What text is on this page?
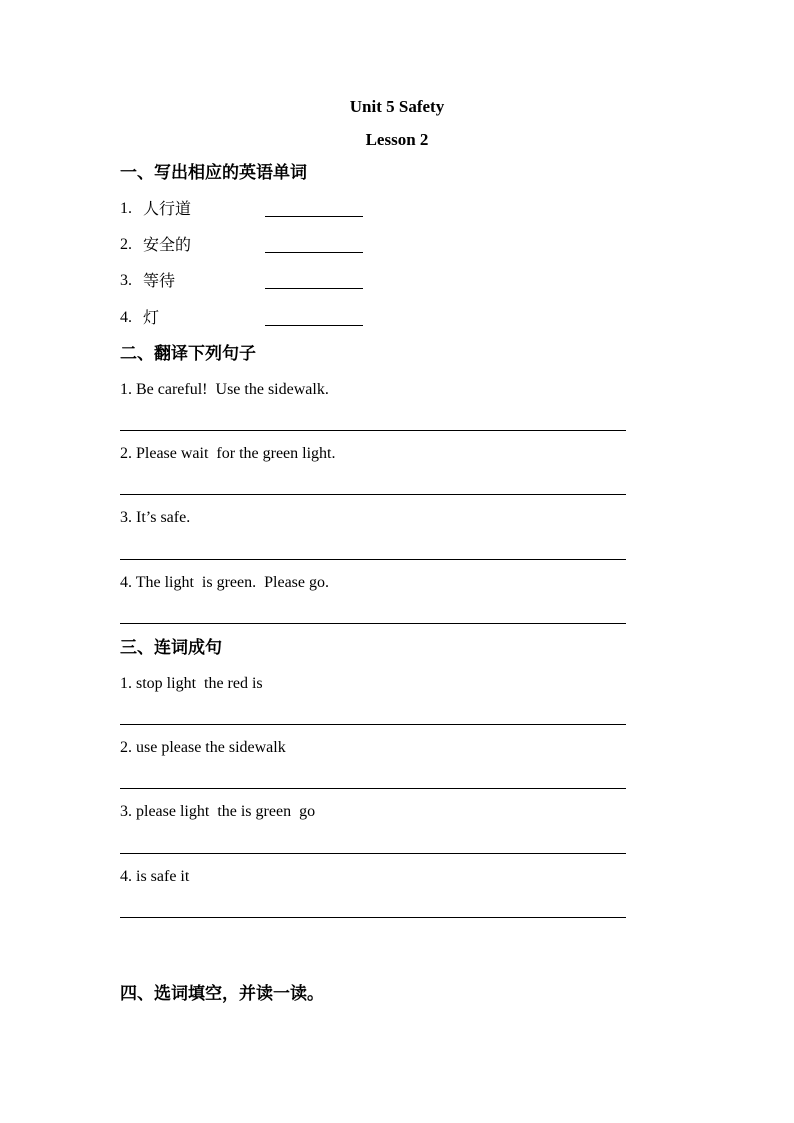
Unit 5 Safety
Lesson 2
一、写出相应的英语单词
1. 人行道
2. 安全的
3. 等待
4. 灯
二、翻译下列句子
1. Be careful!  Use the sidewalk.
2. Please wait  for the green light.
3. It’s safe.
4. The light  is green.  Please go.
三、连词成句
1. stop light  the red is
2. use please the sidewalk
3. please light  the is green  go
4. is safe it
四、选词填空，并读一读。
